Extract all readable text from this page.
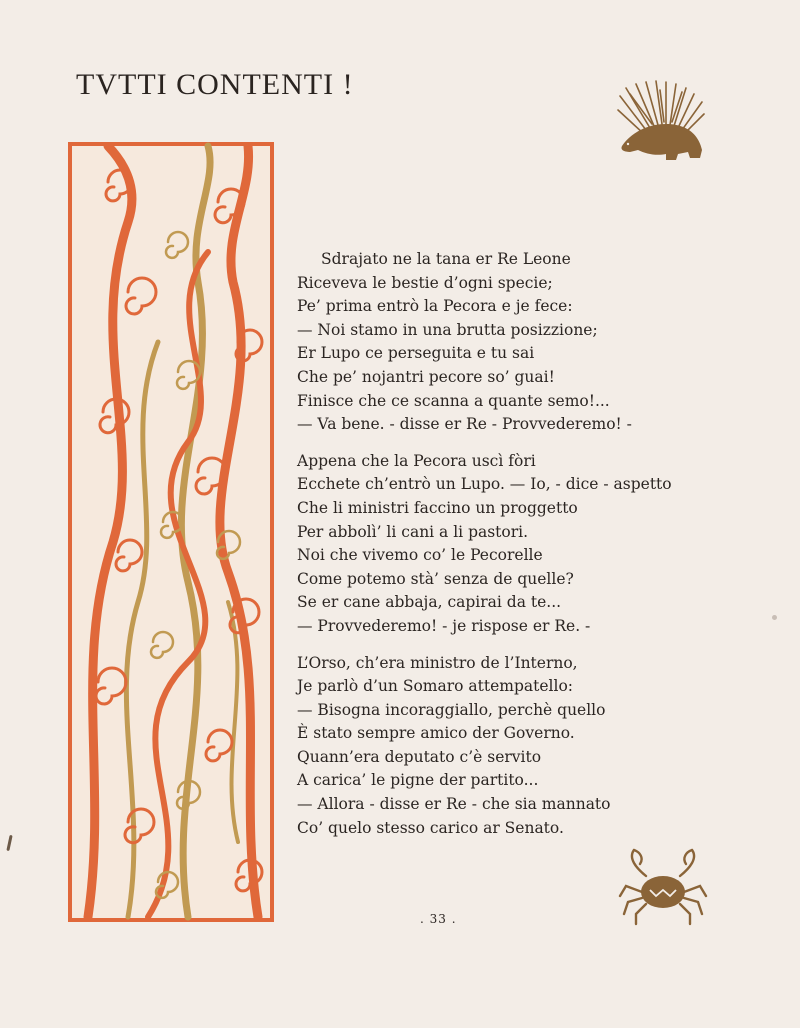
TVTTI CONTENTI !

Sdrajato ne la tana er Re Leone
Riceveva le bestie d’ogni specie;
Pe’ prima entrò la Pecora e je fece:
— Noi stamo in una brutta posizzione;
Er Lupo ce perseguita e tu sai
Che pe’ nojantri pecore so’ guai!
Finisce che ce scanna a quante semo!...
— Va bene. - disse er Re - Provvederemo! -

Appena che la Pecora uscì fòri
Ecchete ch’entrò un Lupo. — Io, - dice - aspetto
Che li ministri faccino un proggetto
Per abbolì’ li cani a li pastori.
Noi che vivemo co’ le Pecorelle
Come potemo stà’ senza de quelle?
Se er cane abbaja, capirai da te...
— Provvederemo! - je rispose er Re. -

L’Orso, ch’era ministro de l’Interno,
Je parlò d’un Somaro attempatello:
— Bisogna incoraggiallo, perchè quello
È stato sempre amico der Governo.
Quann’era deputato c’è servito
A carica’ le pigne der partito...
— Allora - disse er Re - che sia mannato
Co’ quelo stesso carico ar Senato.

. 33 .
